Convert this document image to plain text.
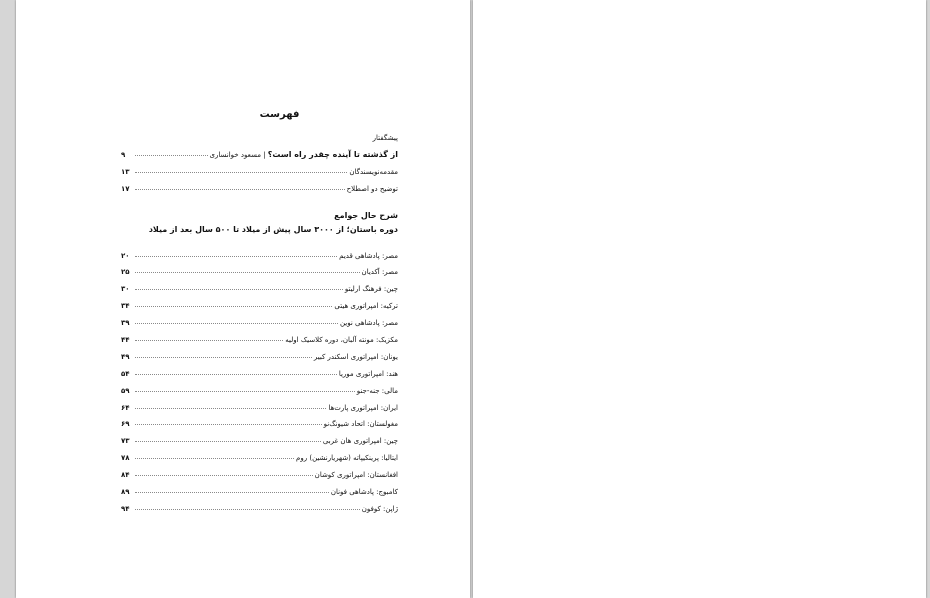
فهرست
پیشگفتار
از گذشته تا آینده چقدر راه است؟ | مسعود خوانساری
۹
مقدمه‌نویسندگان
۱۳
توضیح دو اصطلاح
۱۷
شرح حال جوامع
دوره باستان؛ از ۳۰۰۰ سال پیش از میلاد تا ۵۰۰ سال بعد از میلاد
مصر: پادشاهی قدیم
۲۰
مصر: آکدیان
۲۵
چین: فرهنگ ارلیتو
۳۰
ترکیه: امپراتوری هیتی
۳۴
مصر: پادشاهی نوین
۳۹
مکزیک: مونته آلبان، دوره کلاسیک اولیه
۴۴
یونان: امپراتوری اسکندر کبیر
۴۹
هند: امپراتوری موریا
۵۴
مالی: جنه-جنو
۵۹
ایران: امپراتوری پارت‌ها
۶۴
مغولستان: اتحاد شیونگ‌نو
۶۹
چین: امپراتوری هان غربی
۷۳
ایتالیا: پرینکیپاته (شهریارنشین) روم
۷۸
افغانستان: امپراتوری کوشان
۸۴
کامبوج: پادشاهی فونان
۸۹
ژاپن: کوفون
۹۴
